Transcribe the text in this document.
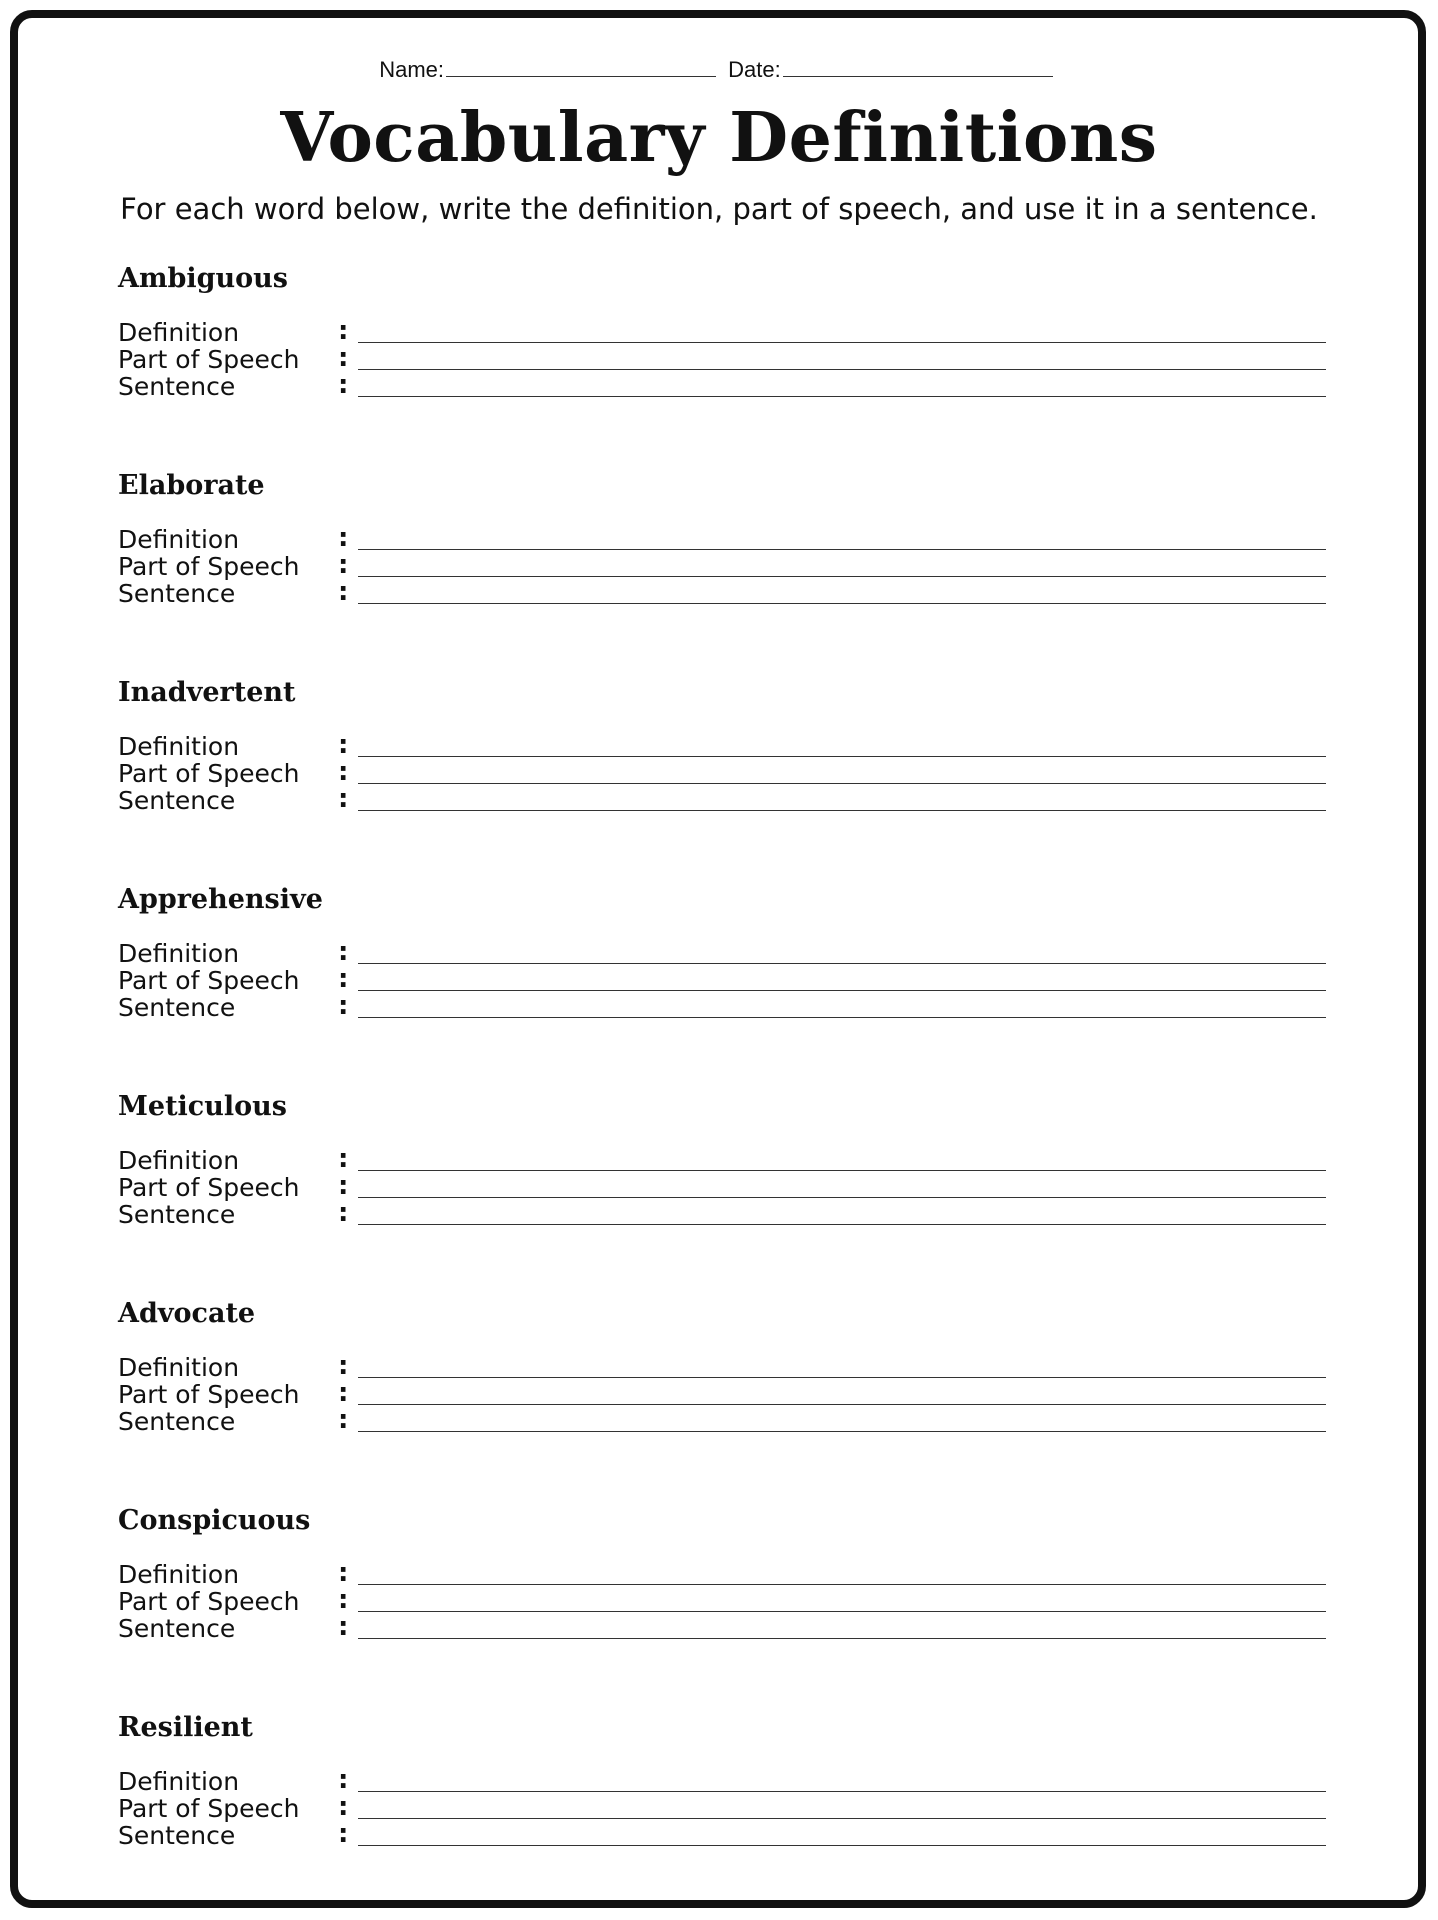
Name:	Date:
Vocabulary Definitions
For each word below, write the definition, part of speech, and use it in a sentence.
Ambiguous
Definition	:
Part of Speech :
Sentence	:
Elaborate
Definition	:
Part of Speech :
Sentence	:
Inadvertent
Definition	:
Part of Speech :
Sentence	:
Apprehensive
Definition	:
Part of Speech :
Sentence	:
Meticulous
Definition	:
Part of Speech :
Sentence	:
Advocate
Definition	:
Part of Speech :
Sentence	:
Conspicuous
Definition	:
Part of Speech :
Sentence	:
Resilient
Definition	:
Part of Speech :
Sentence	:
